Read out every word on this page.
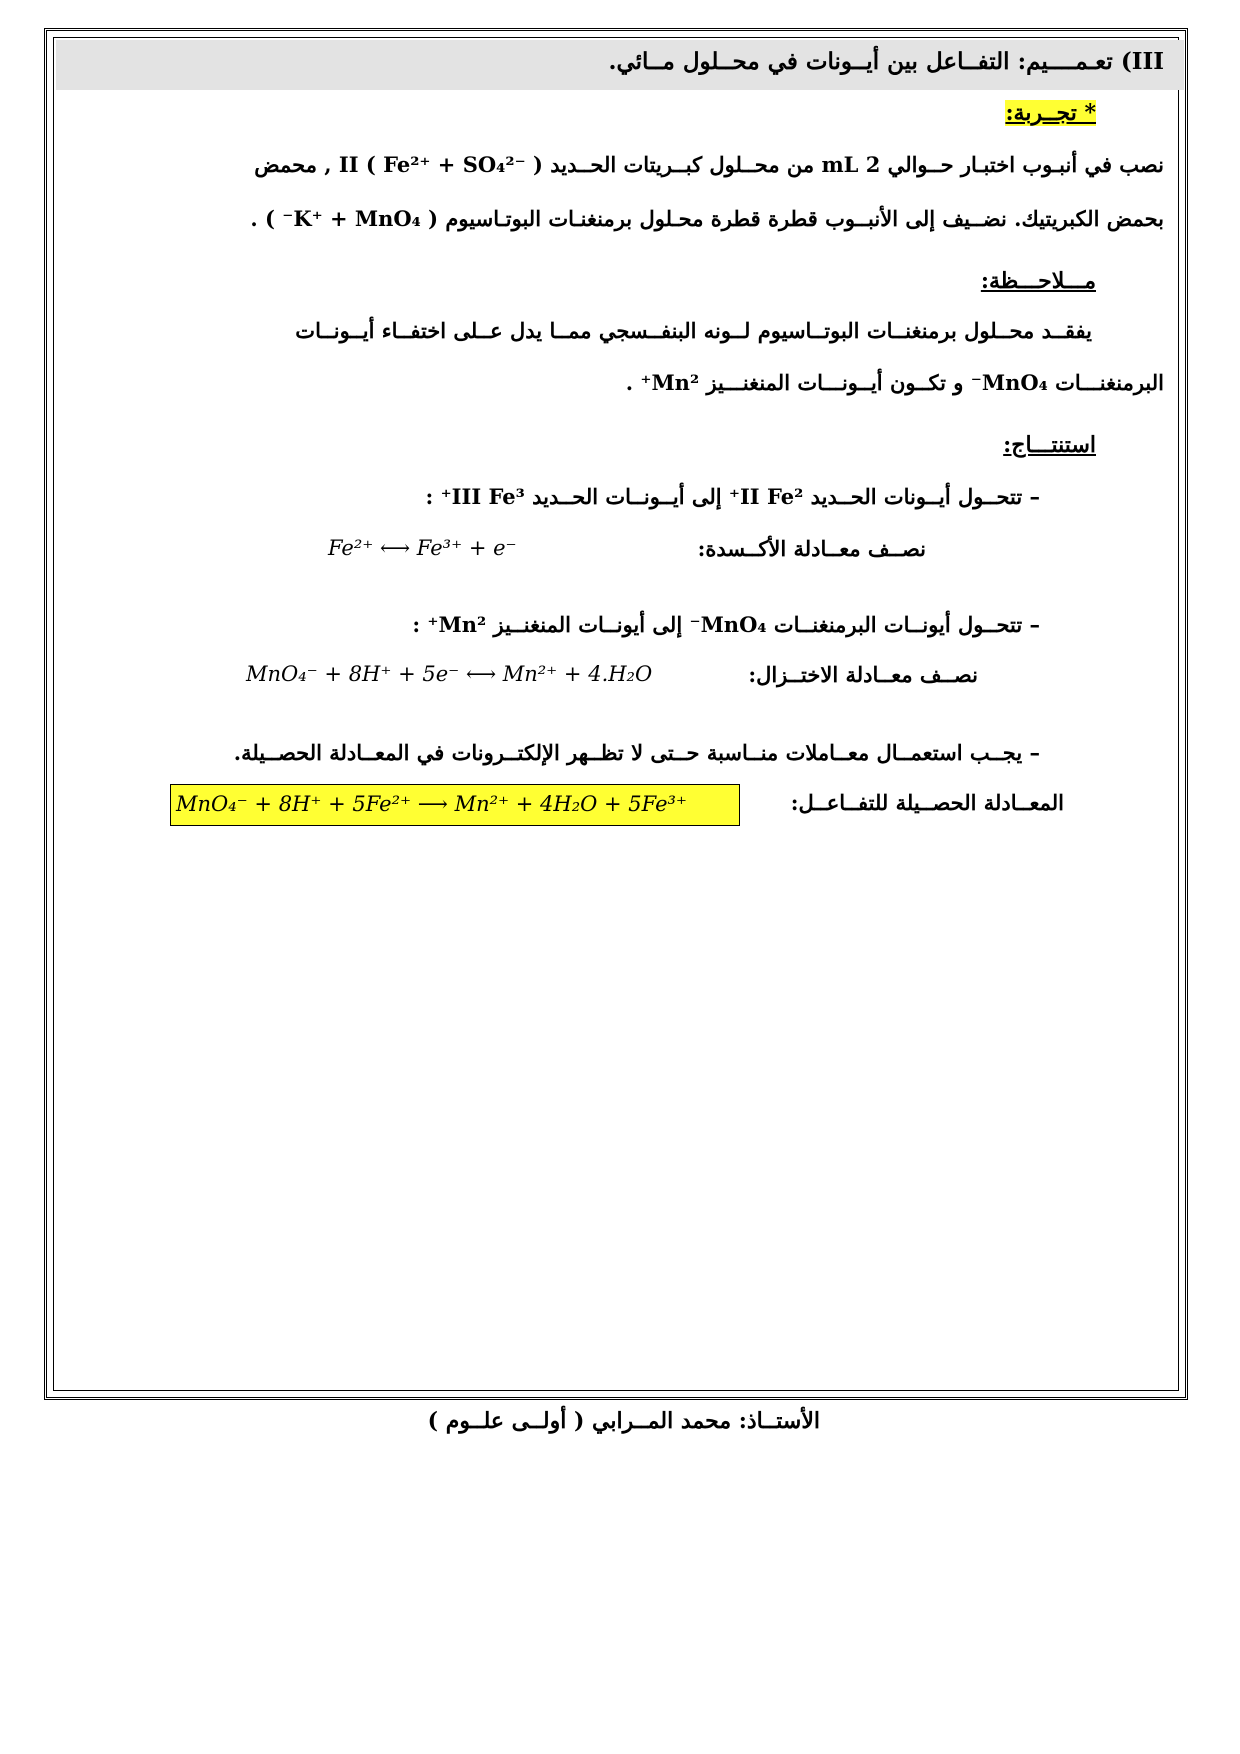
III) تعـمــــيم: التفــاعل بين أيــونات في محــلول مــائي.
* تجــربة:
نصب في أنبـوب اختبـار حــوالي 2 mL من محــلول كبــريتات الحــديد II ( Fe²⁺ + SO₄²⁻ ) , محمض
بحمض الكبريتيك. نضــيف إلى الأنبــوب قطرة قطرة محـلول برمنغنـات البوتـاسيوم ( K⁺ + MnO₄⁻ ) .
مـــلاحـــظة:
يفقــد محــلول برمنغنــات البوتــاسيوم لــونه البنفــسجي ممــا يدل عــلى اختفــاء أيــونــات
البرمنغنـــات MnO₄⁻ و تكــون أيــونـــات المنغنـــيز Mn²⁺ .
استنتـــاج:
– تتحــول أيــونات الحــديد II Fe²⁺ إلى أيــونــات الحــديد III Fe³⁺ :
نصــف معــادلة الأكــسدة:
Fe²⁺ ⟷ Fe³⁺ + e⁻
– تتحــول أيونــات البرمنغنــات MnO₄⁻ إلى أيونــات المنغنــيز Mn²⁺ :
نصــف معــادلة الاختــزال:
MnO₄⁻ + 8H⁺ + 5e⁻ ⟷ Mn²⁺ + 4.H₂O
– يجــب استعمــال معــاملات منــاسبة حــتى لا تظــهر الإلكتــرونات في المعــادلة الحصــيلة.
المعــادلة الحصــيلة للتفــاعــل:
MnO₄⁻ + 8H⁺ + 5Fe²⁺ ⟶ Mn²⁺ + 4H₂O + 5Fe³⁺
الأستــاذ: محمد المــرابي ( أولــى علــوم )
